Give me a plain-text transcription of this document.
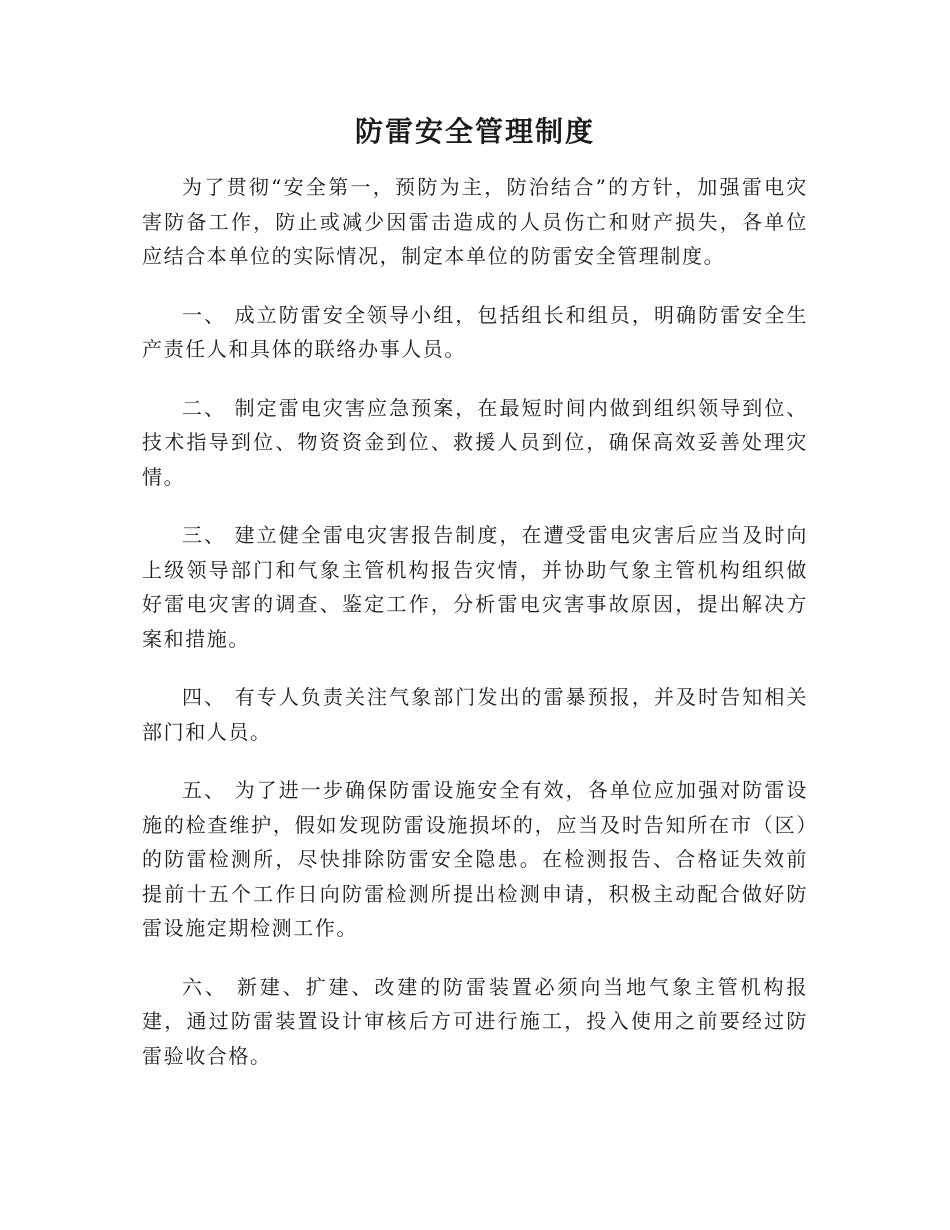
防雷安全管理制度

为了贯彻“安全第一，预防为主，防治结合”的方针，加强雷电灾害防备工作，防止或减少因雷击造成的人员伤亡和财产损失，各单位应结合本单位的实际情况，制定本单位的防雷安全管理制度。

一、 成立防雷安全领导小组，包括组长和组员，明确防雷安全生产责任人和具体的联络办事人员。

二、 制定雷电灾害应急预案，在最短时间内做到组织领导到位、技术指导到位、物资资金到位、救援人员到位，确保高效妥善处理灾情。

三、 建立健全雷电灾害报告制度，在遭受雷电灾害后应当及时向上级领导部门和气象主管机构报告灾情，并协助气象主管机构组织做好雷电灾害的调查、鉴定工作，分析雷电灾害事故原因，提出解决方案和措施。

四、 有专人负责关注气象部门发出的雷暴预报，并及时告知相关部门和人员。

五、 为了进一步确保防雷设施安全有效，各单位应加强对防雷设施的检查维护，假如发现防雷设施损坏的，应当及时告知所在市（区）的防雷检测所，尽快排除防雷安全隐患。在检测报告、合格证失效前提前十五个工作日向防雷检测所提出检测申请，积极主动配合做好防雷设施定期检测工作。

六、 新建、扩建、改建的防雷装置必须向当地气象主管机构报建，通过防雷装置设计审核后方可进行施工，投入使用之前要经过防雷验收合格。
